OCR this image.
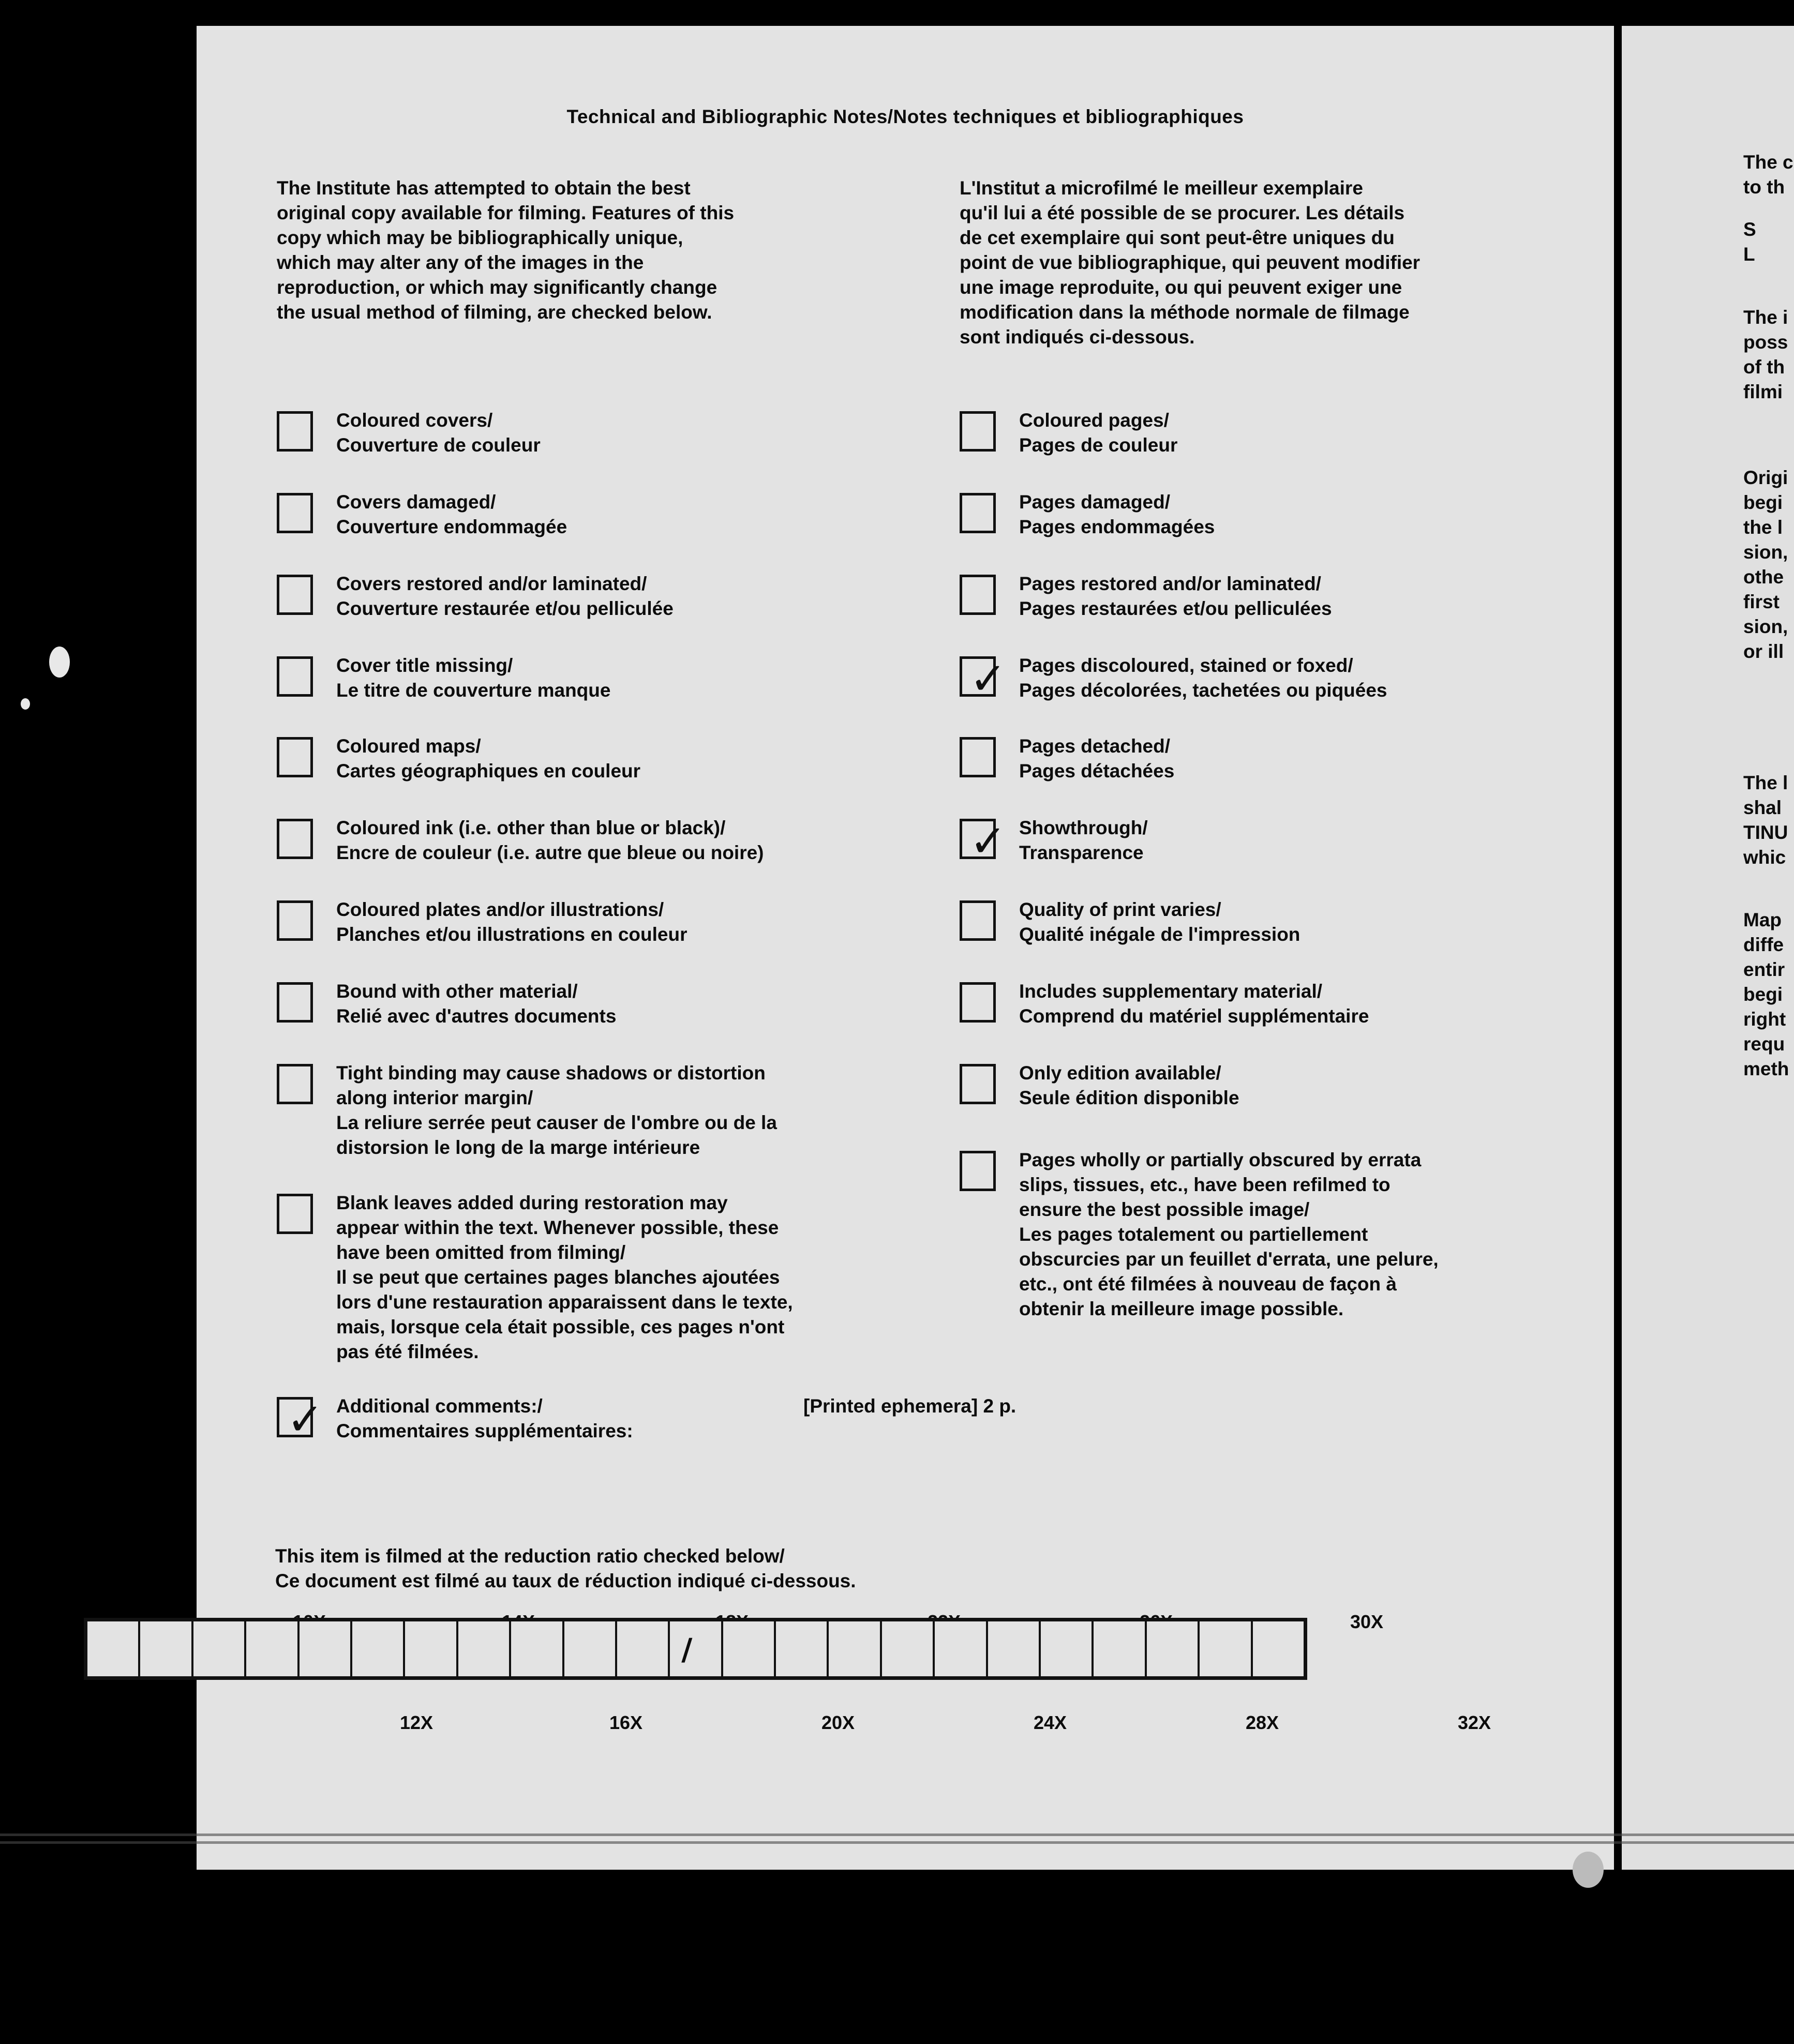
Technical and Bibliographic Notes/Notes techniques et bibliographiques
The Institute has attempted to obtain the best
original copy available for filming. Features of this
copy which may be bibliographically unique,
which may alter any of the images in the
reproduction, or which may significantly change
the usual method of filming, are checked below.
L'Institut a microfilmé le meilleur exemplaire
qu'il lui a été possible de se procurer. Les détails
de cet exemplaire qui sont peut-être uniques du
point de vue bibliographique, qui peuvent modifier
une image reproduite, ou qui peuvent exiger une
modification dans la méthode normale de filmage
sont indiqués ci-dessous.
Coloured covers/
Couverture de couleur
Covers damaged/
Couverture endommagée
Covers restored and/or laminated/
Couverture restaurée et/ou pelliculée
Cover title missing/
Le titre de couverture manque
Coloured maps/
Cartes géographiques en couleur
Coloured ink (i.e. other than blue or black)/
Encre de couleur (i.e. autre que bleue ou noire)
Coloured plates and/or illustrations/
Planches et/ou illustrations en couleur
Bound with other material/
Relié avec d'autres documents
Tight binding may cause shadows or distortion
along interior margin/
La reliure serrée peut causer de l'ombre ou de la
distorsion le long de la marge intérieure
Blank leaves added during restoration may
appear within the text. Whenever possible, these
have been omitted from filming/
Il se peut que certaines pages blanches ajoutées
lors d'une restauration apparaissent dans le texte,
mais, lorsque cela était possible, ces pages n'ont
pas été filmées.
✓ Additional comments:/
Commentaires supplémentaires:
[Printed ephemera] 2 p.
Coloured pages/
Pages de couleur
Pages damaged/
Pages endommagées
Pages restored and/or laminated/
Pages restaurées et/ou pelliculées
✓ Pages discoloured, stained or foxed/
Pages décolorées, tachetées ou piquées
Pages detached/
Pages détachées
✓ Showthrough/
Transparence
Quality of print varies/
Qualité inégale de l'impression
Includes supplementary material/
Comprend du matériel supplémentaire
Only edition available/
Seule édition disponible
Pages wholly or partially obscured by errata
slips, tissues, etc., have been refilmed to
ensure the best possible image/
Les pages totalement ou partiellement
obscurcies par un feuillet d'errata, une pelure,
etc., ont été filmées à nouveau de façon à
obtenir la meilleure image possible.
This item is filmed at the reduction ratio checked below/
Ce document est filmé au taux de réduction indiqué ci-dessous.
30X
12X	16X	20X	24X	28X	32X
/
The c
to th
S
L
The i
poss
of th
filmi
Origi
begi
the l
sion,
othe
first
sion,
or ill
The l
shal
TINU
whic
Map
diffe
entir
begi
right
requ
meth
